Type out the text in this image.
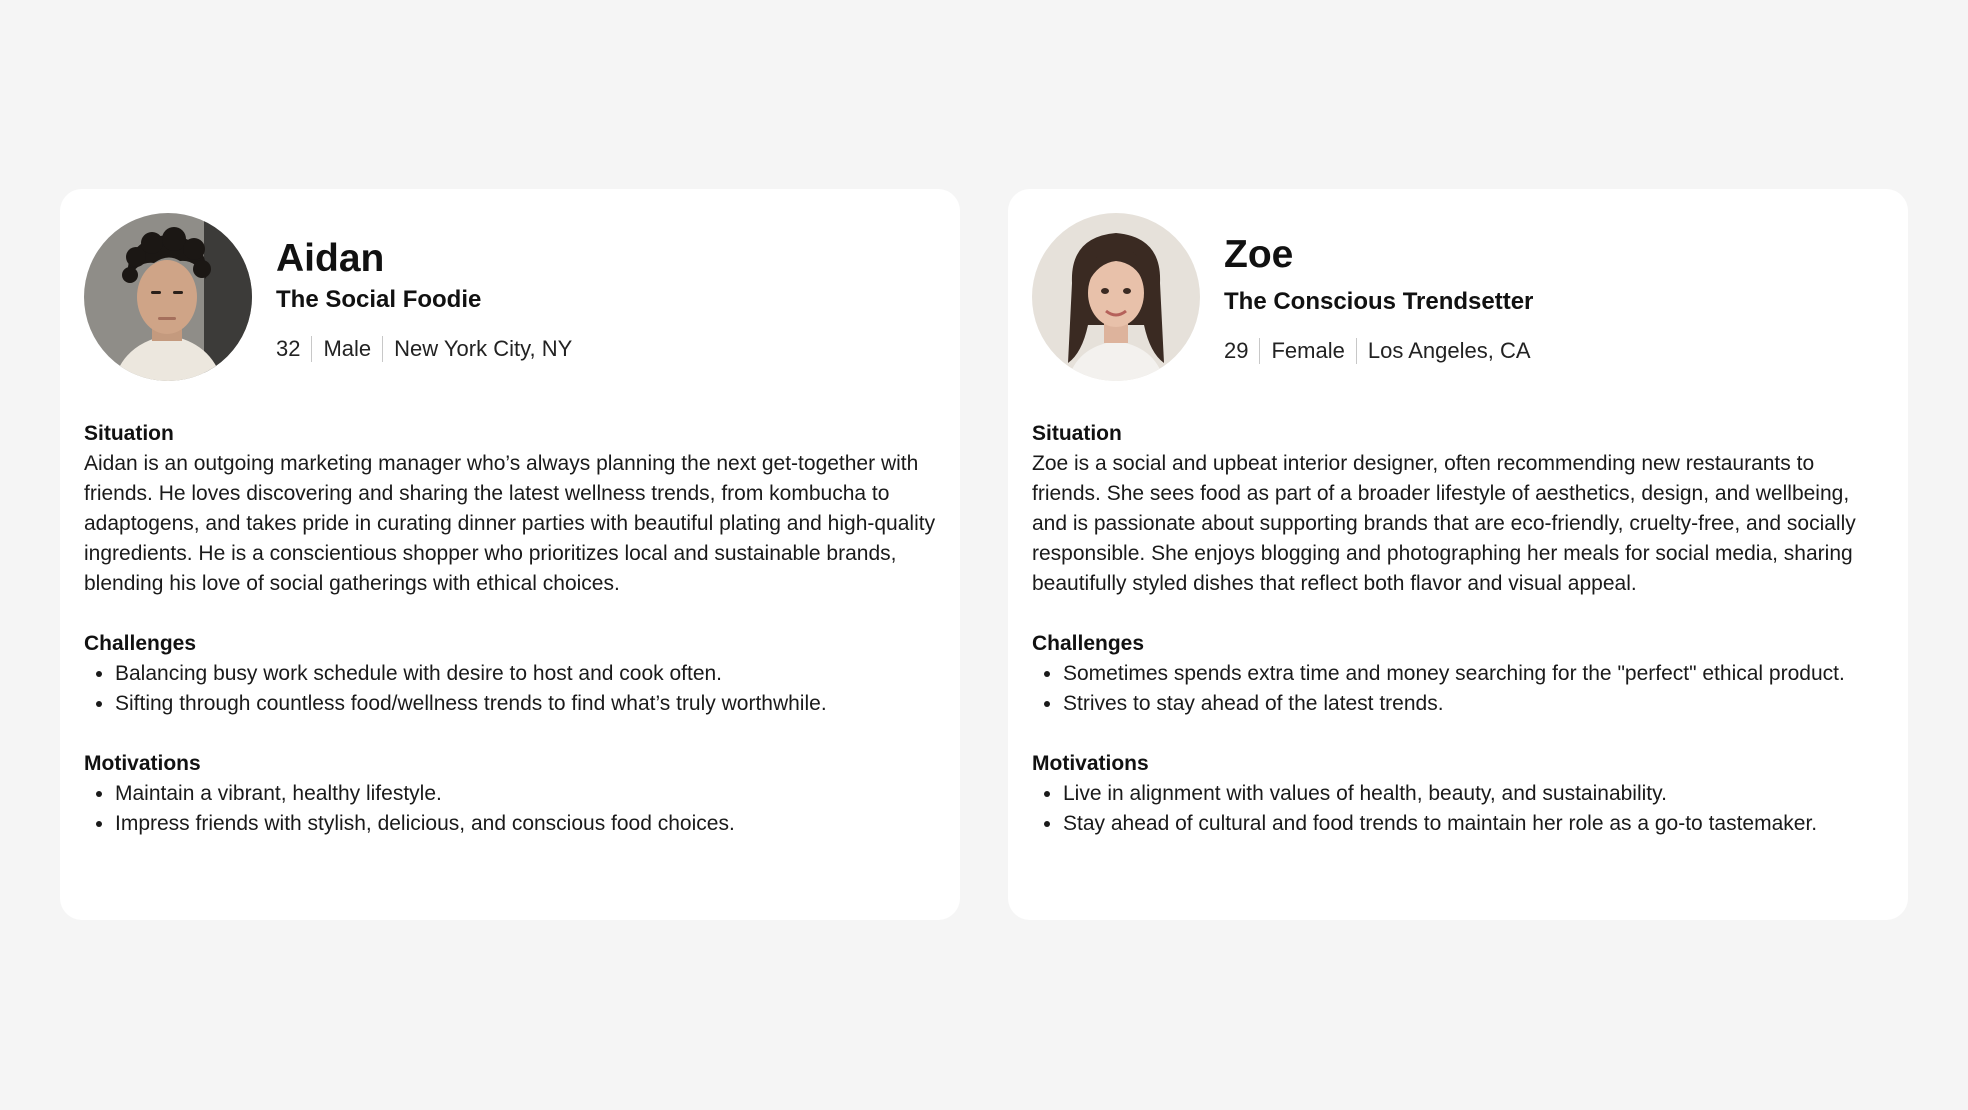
Aidan
The Social Foodie
32 Male New York City, NY
Situation

Aidan is an outgoing marketing manager who’s always planning the next get-together with friends. He loves discovering and sharing the latest wellness trends, from kombucha to adaptogens, and takes pride in curating dinner parties with beautiful plating and high-quality ingredients. He is a conscientious shopper who prioritizes local and sustainable brands, blending his love of social gatherings with ethical choices.

Challenges
• Balancing busy work schedule with desire to host and cook often.
• Sifting through countless food/wellness trends to find what’s truly worthwhile.
Motivations
• Maintain a vibrant, healthy lifestyle.
• Impress friends with stylish, delicious, and conscious food choices.
Zoe
The Conscious Trendsetter
29 Female Los Angeles, CA
Situation

Zoe is a social and upbeat interior designer, often recommending new restaurants to friends. She sees food as part of a broader lifestyle of aesthetics, design, and wellbeing, and is passionate about supporting brands that are eco-friendly, cruelty-free, and socially responsible. She enjoys blogging and photographing her meals for social media, sharing beautifully styled dishes that reflect both flavor and visual appeal.

Challenges
• Sometimes spends extra time and money searching for the "perfect" ethical product.
• Strives to stay ahead of the latest trends.
Motivations
• Live in alignment with values of health, beauty, and sustainability.
• Stay ahead of cultural and food trends to maintain her role as a go-to tastemaker.
